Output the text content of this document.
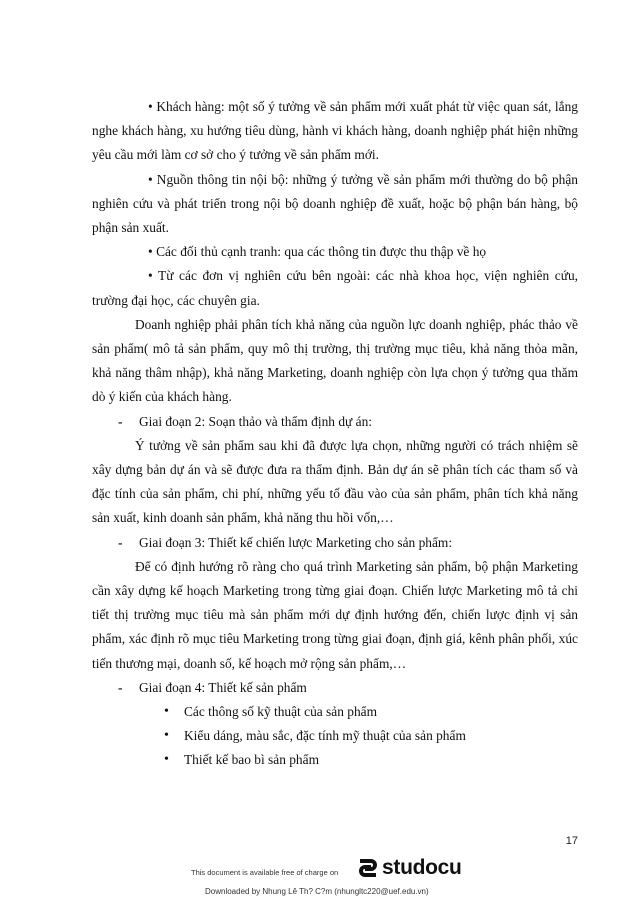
• Khách hàng: một số ý tưởng về sản phẩm mới xuất phát từ việc quan sát, lắng nghe khách hàng, xu hướng tiêu dùng, hành vi khách hàng, doanh nghiệp phát hiện những yêu cầu mới làm cơ sở cho ý tưởng về sản phẩm mới.

• Nguồn thông tin nội bộ: những ý tưởng về sản phẩm mới thường do bộ phận nghiên cứu và phát triển trong nội bộ doanh nghiệp đề xuất, hoặc bộ phận bán hàng, bộ phận sản xuất.

• Các đối thủ cạnh tranh: qua các thông tin được thu thập về họ

• Từ các đơn vị nghiên cứu bên ngoài: các nhà khoa học, viện nghiên cứu, trường đại học, các chuyên gia.

Doanh nghiệp phải phân tích khả năng của nguồn lực doanh nghiệp, phác thảo về sản phẩm( mô tả sản phẩm, quy mô thị trường, thị trường mục tiêu, khả năng thỏa mãn, khả năng thâm nhập), khả năng Marketing, doanh nghiệp còn lựa chọn ý tưởng qua thăm dò ý kiến của khách hàng.

- Giai đoạn 2: Soạn thảo và thẩm định dự án:

Ý tưởng về sản phẩm sau khi đã được lựa chọn, những người có trách nhiệm sẽ xây dựng bản dự án và sẽ được đưa ra thẩm định. Bản dự án sẽ phân tích các tham số và đặc tính của sản phẩm, chi phí, những yếu tố đầu vào của sản phẩm, phân tích khả năng sản xuất, kinh doanh sản phẩm, khả năng thu hồi vốn,…

- Giai đoạn 3: Thiết kế chiến lược Marketing cho sản phẩm:

Để có định hướng rõ ràng cho quá trình Marketing sản phẩm, bộ phận Marketing cần xây dựng kế hoạch Marketing trong từng giai đoạn. Chiến lược Marketing mô tả chi tiết thị trường mục tiêu mà sản phẩm mới dự định hướng đến, chiến lược định vị sản phẩm, xác định rõ mục tiêu Marketing trong từng giai đoạn, định giá, kênh phân phối, xúc tiến thương mại, doanh số, kế hoạch mở rộng sản phẩm,…

- Giai đoạn 4: Thiết kế sản phẩm

• Các thông số kỹ thuật của sản phẩm

• Kiểu dáng, màu sắc, đặc tính mỹ thuật của sản phẩm

• Thiết kế bao bì sản phẩm

17
This document is available free of charge on studocu
Downloaded by Nhung Lê Th? C?m (nhungltc220@uef.edu.vn)
